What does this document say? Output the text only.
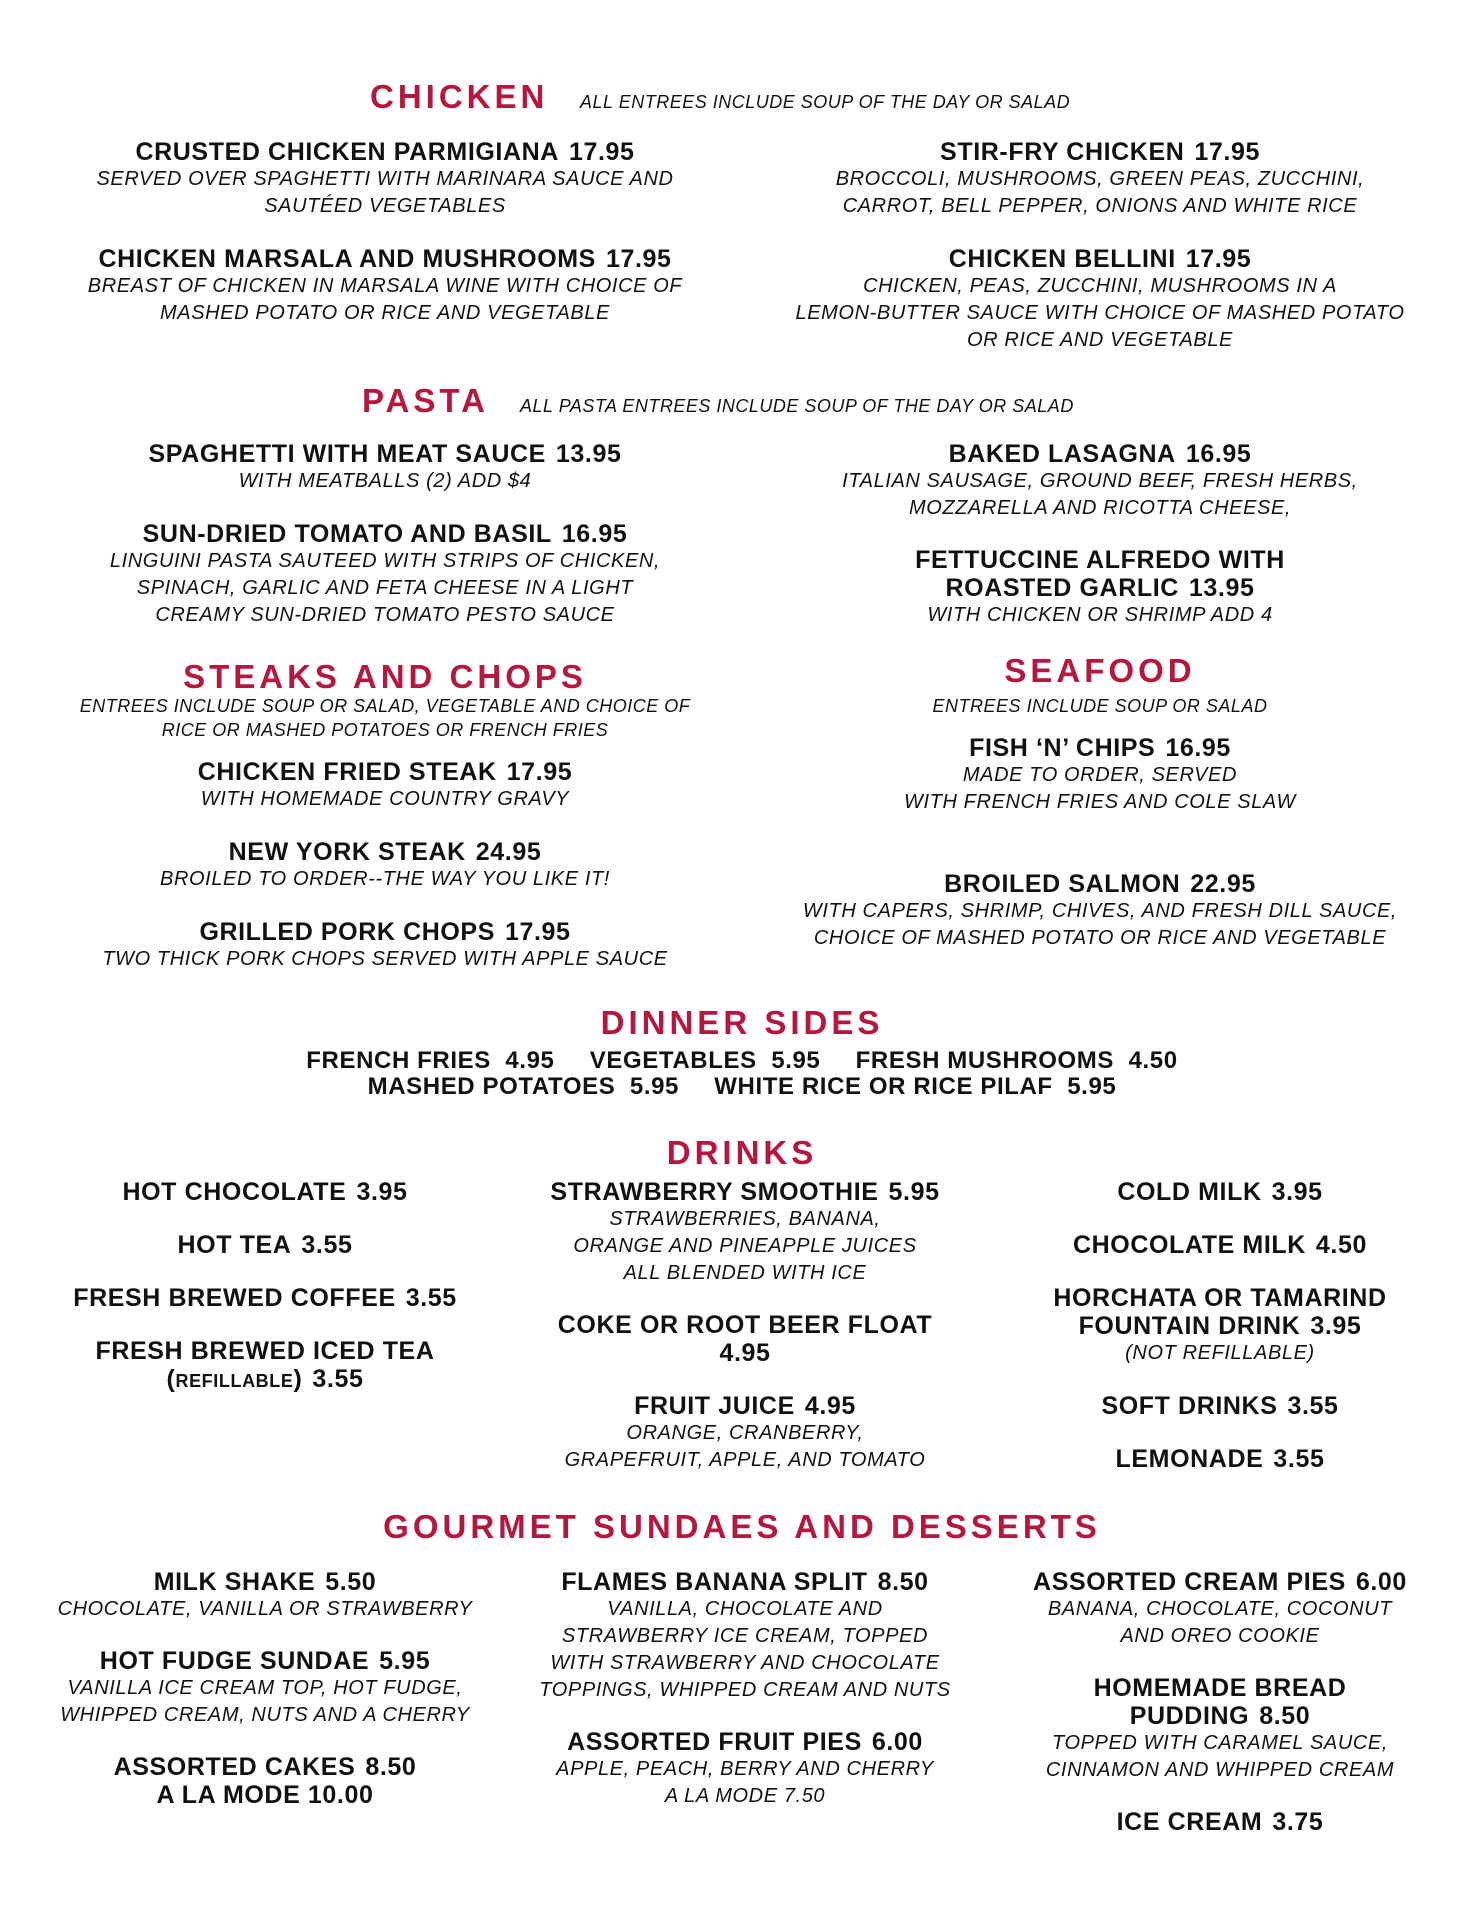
CHICKEN ALL ENTREES INCLUDE SOUP OF THE DAY OR SALAD
CRUSTED CHICKEN PARMIGIANA 17.95
SERVED OVER SPAGHETTI WITH MARINARA SAUCE AND
SAUTÉED VEGETABLES
STIR-FRY CHICKEN 17.95
BROCCOLI, MUSHROOMS, GREEN PEAS, ZUCCHINI,
CARROT, BELL PEPPER, ONIONS AND WHITE RICE
CHICKEN MARSALA AND MUSHROOMS 17.95
BREAST OF CHICKEN IN MARSALA WINE WITH CHOICE OF
MASHED POTATO OR RICE AND VEGETABLE
CHICKEN BELLINI 17.95
CHICKEN, PEAS, ZUCCHINI, MUSHROOMS IN A
LEMON-BUTTER SAUCE WITH CHOICE OF MASHED POTATO
OR RICE AND VEGETABLE
PASTA ALL PASTA ENTREES INCLUDE SOUP OF THE DAY OR SALAD
SPAGHETTI WITH MEAT SAUCE 13.95
WITH MEATBALLS (2) ADD $4
BAKED LASAGNA 16.95
ITALIAN SAUSAGE, GROUND BEEF, FRESH HERBS,
MOZZARELLA AND RICOTTA CHEESE,
SUN-DRIED TOMATO AND BASIL 16.95
LINGUINI PASTA SAUTEED WITH STRIPS OF CHICKEN,
SPINACH, GARLIC AND FETA CHEESE IN A LIGHT
CREAMY SUN-DRIED TOMATO PESTO SAUCE
FETTUCCINE ALFREDO WITH
ROASTED GARLIC 13.95
WITH CHICKEN OR SHRIMP ADD 4
STEAKS AND CHOPS
ENTREES INCLUDE SOUP OR SALAD, VEGETABLE AND CHOICE OF
RICE OR MASHED POTATOES OR FRENCH FRIES
CHICKEN FRIED STEAK 17.95
WITH HOMEMADE COUNTRY GRAVY
NEW YORK STEAK 24.95
BROILED TO ORDER--THE WAY YOU LIKE IT!
GRILLED PORK CHOPS 17.95
TWO THICK PORK CHOPS SERVED WITH APPLE SAUCE
SEAFOOD
ENTREES INCLUDE SOUP OR SALAD
FISH ‘N’ CHIPS 16.95
MADE TO ORDER, SERVED
WITH FRENCH FRIES AND COLE SLAW
BROILED SALMON 22.95
WITH CAPERS, SHRIMP, CHIVES, AND FRESH DILL SAUCE,
CHOICE OF MASHED POTATO OR RICE AND VEGETABLE
DINNER SIDES
FRENCH FRIES 4.95 VEGETABLES 5.95 FRESH MUSHROOMS 4.50
MASHED POTATOES 5.95 WHITE RICE OR RICE PILAF 5.95
DRINKS
HOT CHOCOLATE 3.95
HOT TEA 3.55
FRESH BREWED COFFEE 3.55
FRESH BREWED ICED TEA
(refillable) 3.55
STRAWBERRY SMOOTHIE 5.95
STRAWBERRIES, BANANA,
ORANGE AND PINEAPPLE JUICES
ALL BLENDED WITH ICE
COKE OR ROOT BEER FLOAT
4.95
FRUIT JUICE 4.95
ORANGE, CRANBERRY,
GRAPEFRUIT, APPLE, AND TOMATO
COLD MILK 3.95
CHOCOLATE MILK 4.50
HORCHATA OR TAMARIND
FOUNTAIN DRINK 3.95
(NOT REFILLABLE)
SOFT DRINKS 3.55
LEMONADE 3.55
GOURMET SUNDAES AND DESSERTS
MILK SHAKE 5.50
CHOCOLATE, VANILLA OR STRAWBERRY
HOT FUDGE SUNDAE 5.95
VANILLA ICE CREAM TOP, HOT FUDGE,
WHIPPED CREAM, NUTS AND A CHERRY
ASSORTED CAKES 8.50
A LA MODE 10.00
FLAMES BANANA SPLIT 8.50
VANILLA, CHOCOLATE AND
STRAWBERRY ICE CREAM, TOPPED
WITH STRAWBERRY AND CHOCOLATE
TOPPINGS, WHIPPED CREAM AND NUTS
ASSORTED FRUIT PIES 6.00
APPLE, PEACH, BERRY AND CHERRY
A LA MODE 7.50
ASSORTED CREAM PIES 6.00
BANANA, CHOCOLATE, COCONUT
AND OREO COOKIE
HOMEMADE BREAD
PUDDING 8.50
TOPPED WITH CARAMEL SAUCE,
CINNAMON AND WHIPPED CREAM
ICE CREAM 3.75
